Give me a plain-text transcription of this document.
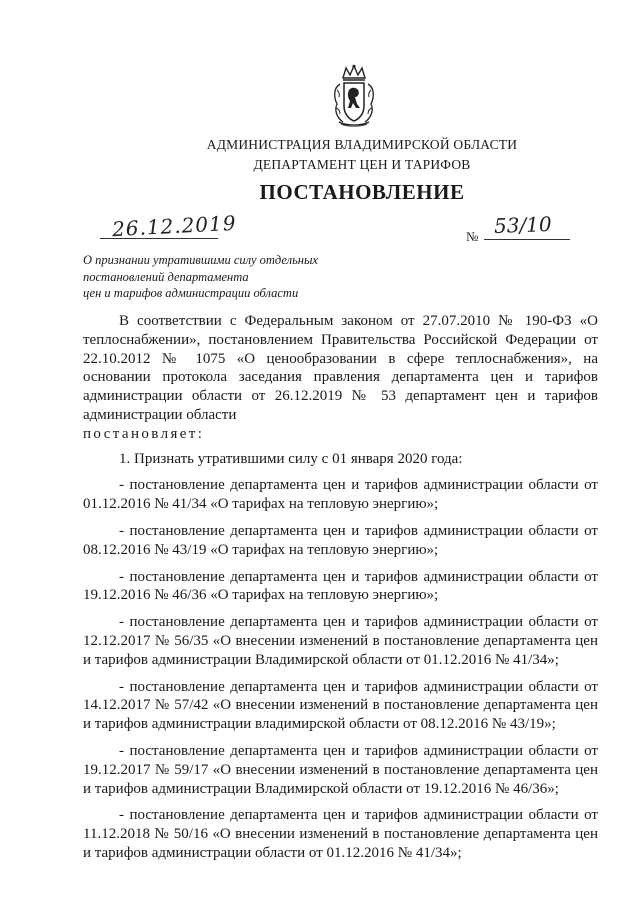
АДМИНИСТРАЦИЯ ВЛАДИМИРСКОЙ ОБЛАСТИ
ДЕПАРТАМЕНТ ЦЕН И ТАРИФОВ
ПОСТАНОВЛЕНИЕ
26.12.2019	№ 53/10
О признании утратившими силу отдельных
постановлений департамента
цен и тарифов администрации области

В соответствии с Федеральным законом от 27.07.2010 № 190-ФЗ «О теплоснабжении», постановлением Правительства Российской Федерации от 22.10.2012 № 1075 «О ценообразовании в сфере теплоснабжения», на основании протокола заседания правления департамента цен и тарифов администрации области от 26.12.2019 № 53 департамент цен и тарифов администрации области
постановляет:

1. Признать утратившими силу с 01 января 2020 года:

- постановление департамента цен и тарифов администрации области от 01.12.2016 № 41/34 «О тарифах на тепловую энергию»;

- постановление департамента цен и тарифов администрации области от 08.12.2016 № 43/19 «О тарифах на тепловую энергию»;

- постановление департамента цен и тарифов администрации области от 19.12.2016 № 46/36 «О тарифах на тепловую энергию»;

- постановление департамента цен и тарифов администрации области от 12.12.2017 № 56/35 «О внесении изменений в постановление департамента цен и тарифов администрации Владимирской области от 01.12.2016 № 41/34»;

- постановление департамента цен и тарифов администрации области от 14.12.2017 № 57/42 «О внесении изменений в постановление департамента цен и тарифов администрации владимирской области от 08.12.2016 № 43/19»;

- постановление департамента цен и тарифов администрации области от 19.12.2017 № 59/17 «О внесении изменений в постановление департамента цен и тарифов администрации Владимирской области от 19.12.2016 № 46/36»;

- постановление департамента цен и тарифов администрации области от 11.12.2018 № 50/16 «О внесении изменений в постановление департамента цен и тарифов администрации области от 01.12.2016 № 41/34»;
